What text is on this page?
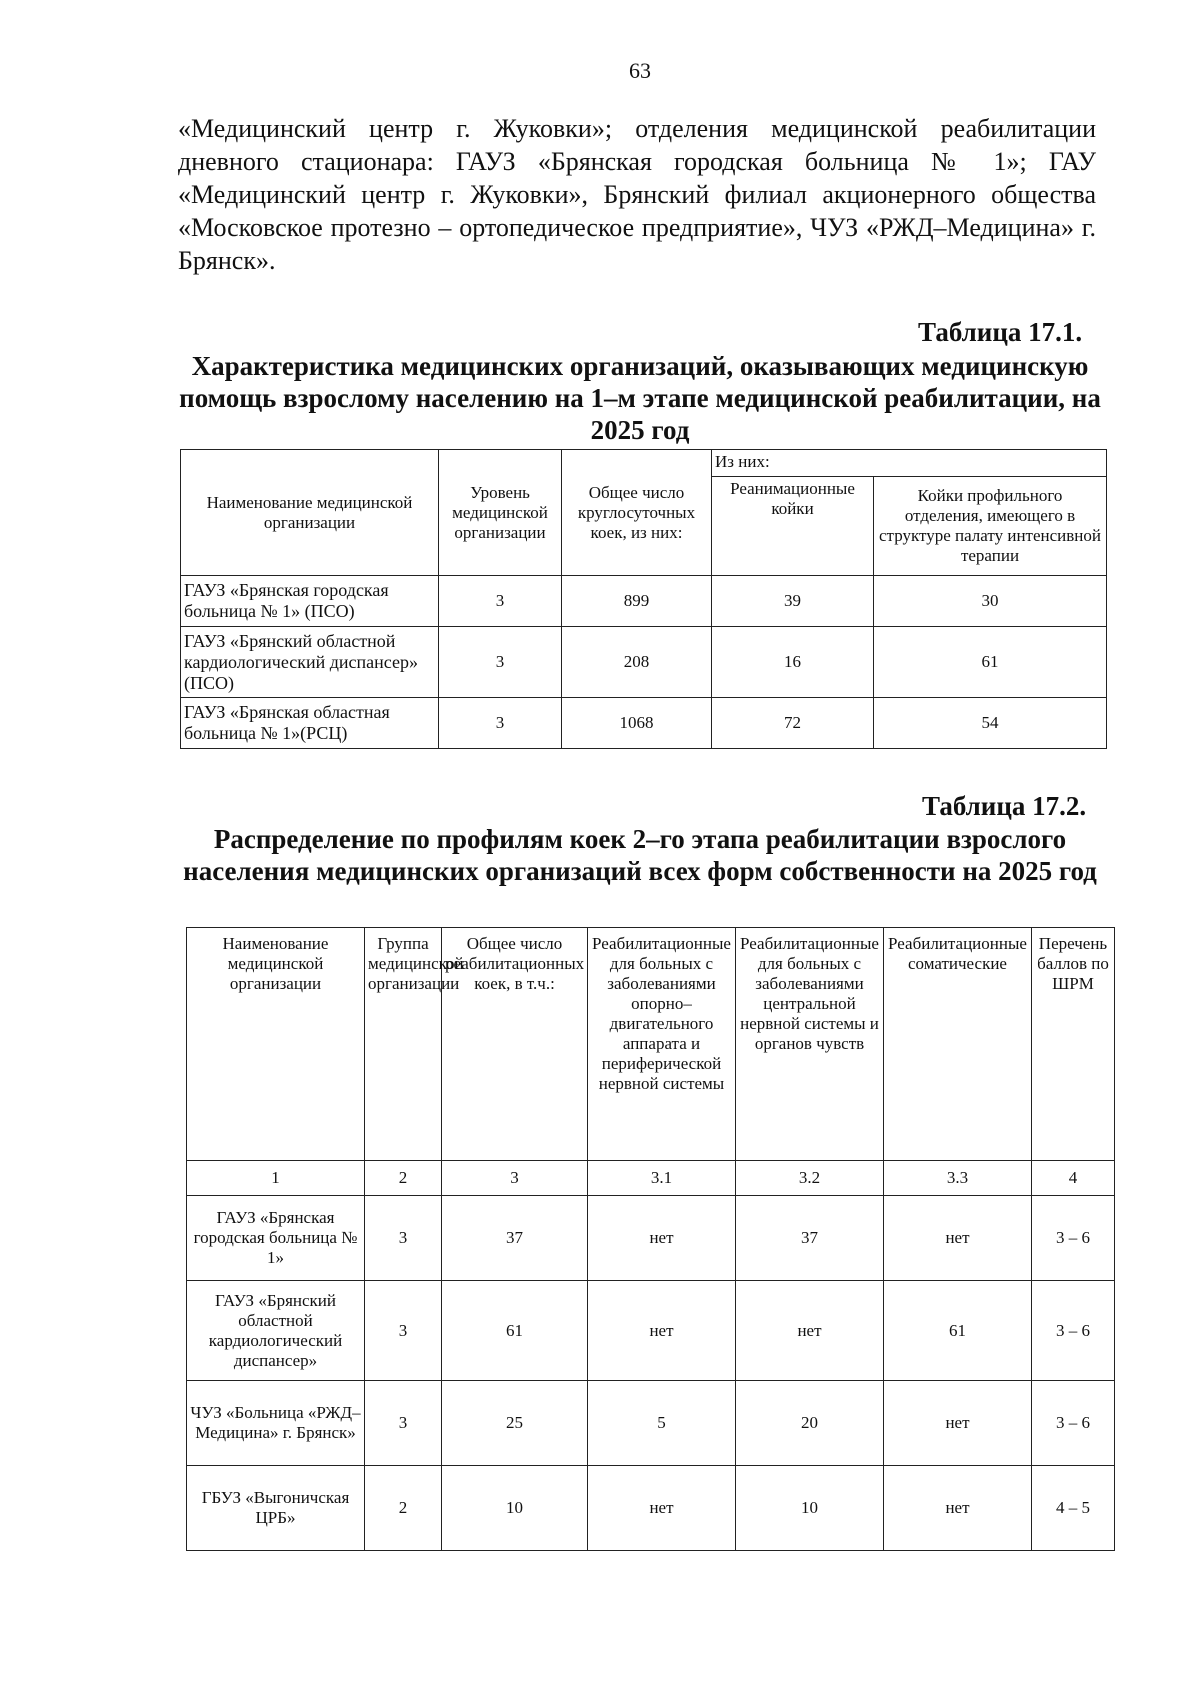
63
«Медицинский центр г. Жуковки»; отделения медицинской реабилитации дневного стационара: ГАУЗ «Брянская городская больница № 1»; ГАУ «Медицинский центр г. Жуковки», Брянский филиал акционерного общества «Московское протезно – ортопедическое предприятие», ЧУЗ «РЖД–Медицина» г. Брянск».
Таблица 17.1.
Характеристика медицинских организаций, оказывающих медицинскую помощь взрослому населению на 1–м этапе медицинской реабилитации, на 2025 год
Наименование медицинской организации	Уровень медицинской организации	Общее число круглосуточных коек, из них:	Из них:	
			Реанимационные койки	Койки профильного отделения, имеющего в структуре палату интенсивной терапии
ГАУЗ «Брянская городская больница № 1» (ПСО)	3	899	39	30
ГАУЗ «Брянский областной кардиологический диспансер» (ПСО)	3	208	16	61
ГАУЗ «Брянская областная больница № 1»(РСЦ)	3	1068	72	54
Таблица 17.2.
Распределение по профилям коек 2–го этапа реабилитации взрослого населения медицинских организаций всех форм собственности на 2025 год
Наименование медицинской организации	Группа медицинской организации	Общее число реабилитационных коек, в т.ч.:	Реабилитационные для больных с заболеваниями опорно–двигательного аппарата и периферической нервной системы	Реабилитационные для больных с заболеваниями центральной нервной системы и органов чувств	Реабилитационные соматические	Перечень баллов по ШРМ
1	2	3	3.1	3.2	3.3	4
ГАУЗ «Брянская городская больница № 1»	3	37	нет	37	нет	3 – 6
ГАУЗ «Брянский областной кардиологический диспансер»	3	61	нет	нет	61	3 – 6
ЧУЗ «Больница «РЖД–Медицина» г. Брянск»	3	25	5	20	нет	3 – 6
ГБУЗ «Выгоничская ЦРБ»	2	10	нет	10	нет	4 – 5
